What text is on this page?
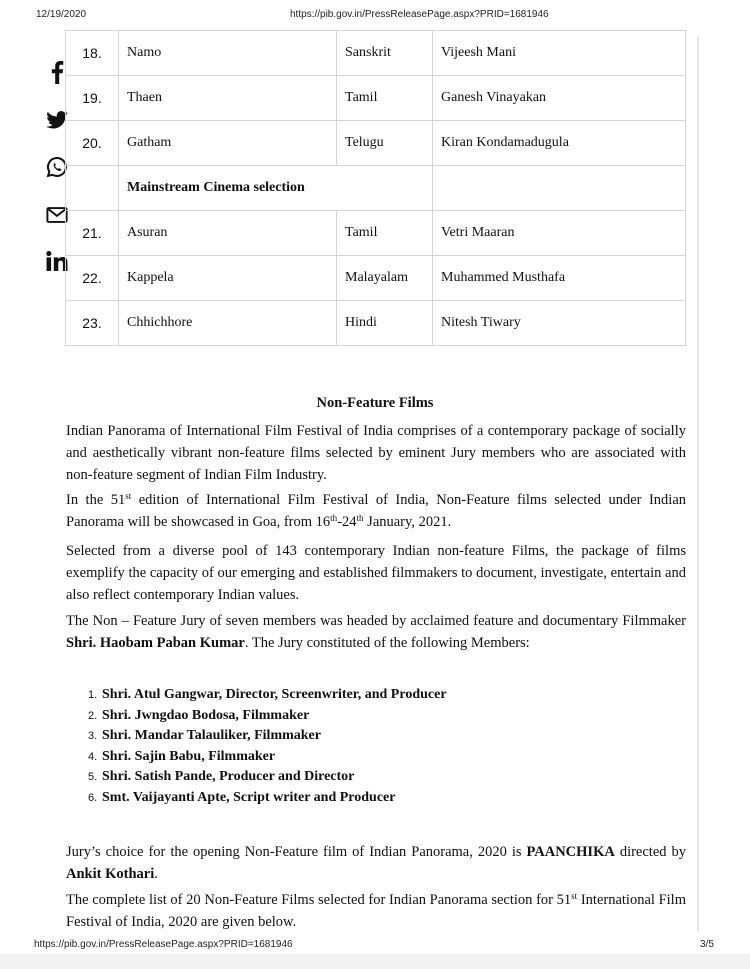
12/19/2020	https://pib.gov.in/PressReleasePage.aspx?PRID=1681946
18.	Namo	Sanskrit	Vijeesh Mani
19.	Thaen	Tamil	Ganesh Vinayakan
20.	Gatham	Telugu	Kiran Kondamadugula
	Mainstream Cinema selection		
21.	Asuran	Tamil	Vetri Maaran
22.	Kappela	Malayalam	Muhammed Musthafa
23.	Chhichhore	Hindi	Nitesh Tiwary
Non-Feature Films

Indian Panorama of International Film Festival of India comprises of a contemporary package of socially and aesthetically vibrant non-feature films selected by eminent Jury members who are associated with non-feature segment of Indian Film Industry.

In the 51st edition of International Film Festival of India, Non-Feature films selected under Indian Panorama will be showcased in Goa, from 16th-24th January, 2021.

Selected from a diverse pool of 143 contemporary Indian non-feature Films, the package of films exemplify the capacity of our emerging and established filmmakers to document, investigate, entertain and also reflect contemporary Indian values.

The Non – Feature Jury of seven members was headed by acclaimed feature and documentary Filmmaker Shri. Haobam Paban Kumar. The Jury constituted of the following Members:

1. Shri. Atul Gangwar, Director, Screenwriter, and Producer
2. Shri. Jwngdao Bodosa, Filmmaker
3. Shri. Mandar Talauliker, Filmmaker
4. Shri. Sajin Babu, Filmmaker
5. Shri. Satish Pande, Producer and Director
6. Smt. Vaijayanti Apte, Script writer and Producer

Jury’s choice for the opening Non-Feature film of Indian Panorama, 2020 is PAANCHIKA directed by Ankit Kothari.

The complete list of 20 Non-Feature Films selected for Indian Panorama section for 51st International Film Festival of India, 2020 are given below.

https://pib.gov.in/PressReleasePage.aspx?PRID=1681946	3/5
